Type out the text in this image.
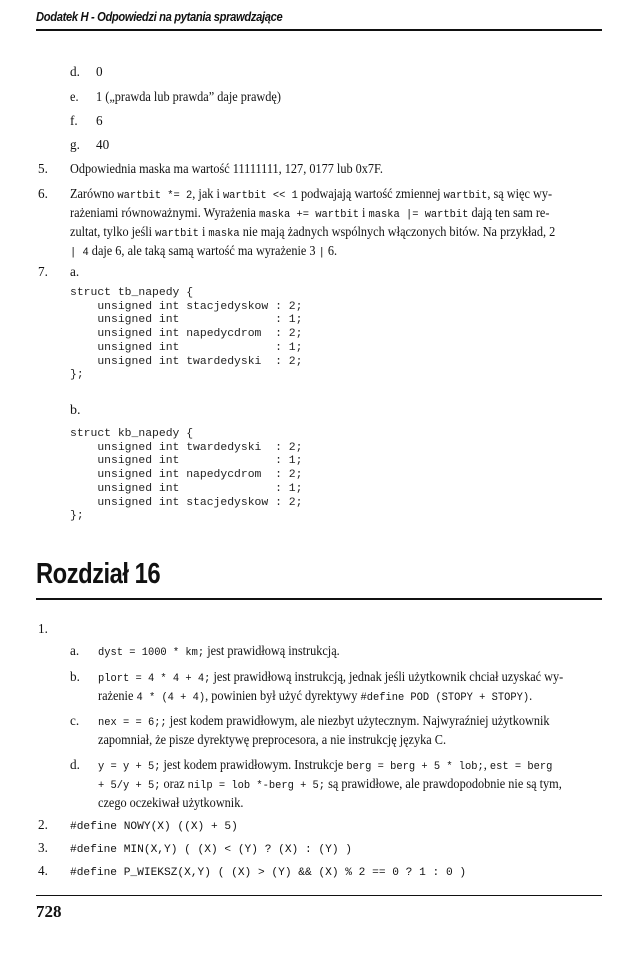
Dodatek H - Odpowiedzi na pytania sprawdzające
d. 0
e. 1 („prawda lub prawda” daje prawdę)
f. 6
g. 40
5. Odpowiednia maska ma wartość 11111111, 127, 0177 lub 0x7F.
6. Zarówno wartbit *= 2, jak i wartbit << 1 podwajają wartość zmiennej wartbit, są więc wy-
rażeniami równoważnymi. Wyrażenia maska += wartbit i maska |= wartbit dają ten sam re-
zultat, tylko jeśli wartbit i maska nie mają żadnych wspólnych włączonych bitów. Na przykład, 2
| 4 daje 6, ale taką samą wartość ma wyrażenie 3 | 6.
7. a.
struct tb_napedy {
unsigned int stacjedyskow : 2;
unsigned int              : 1;
unsigned int napedycdrom  : 2;
unsigned int              : 1;
unsigned int twardedyski  : 2;
};
b.
struct kb_napedy {
unsigned int twardedyski  : 2;
unsigned int              : 1;
unsigned int napedycdrom  : 2;
unsigned int              : 1;
unsigned int stacjedyskow : 2;
};
Rozdział 16
1.
a. dyst = 1000 * km; jest prawidłową instrukcją.
b. plort = 4 * 4 + 4; jest prawidłową instrukcją, jednak jeśli użytkownik chciał uzyskać wy-
rażenie 4 * (4 + 4), powinien był użyć dyrektywy #define POD (STOPY + STOPY).
c. nex = = 6;; jest kodem prawidłowym, ale niezbyt użytecznym. Najwyraźniej użytkownik
zapomniał, że pisze dyrektywę preprocesora, a nie instrukcję języka C.
d. y = y + 5; jest kodem prawidłowym. Instrukcje berg = berg + 5 * lob;, est = berg
+ 5/y + 5; oraz nilp = lob *-berg + 5; są prawidłowe, ale prawdopodobnie nie są tym,
czego oczekiwał użytkownik.
2. #define NOWY(X) ((X) + 5)
3. #define MIN(X,Y) ( (X) < (Y) ? (X) : (Y) )
4. #define P_WIEKSZ(X,Y) ( (X) > (Y) && (X) % 2 == 0 ? 1 : 0 )
728
